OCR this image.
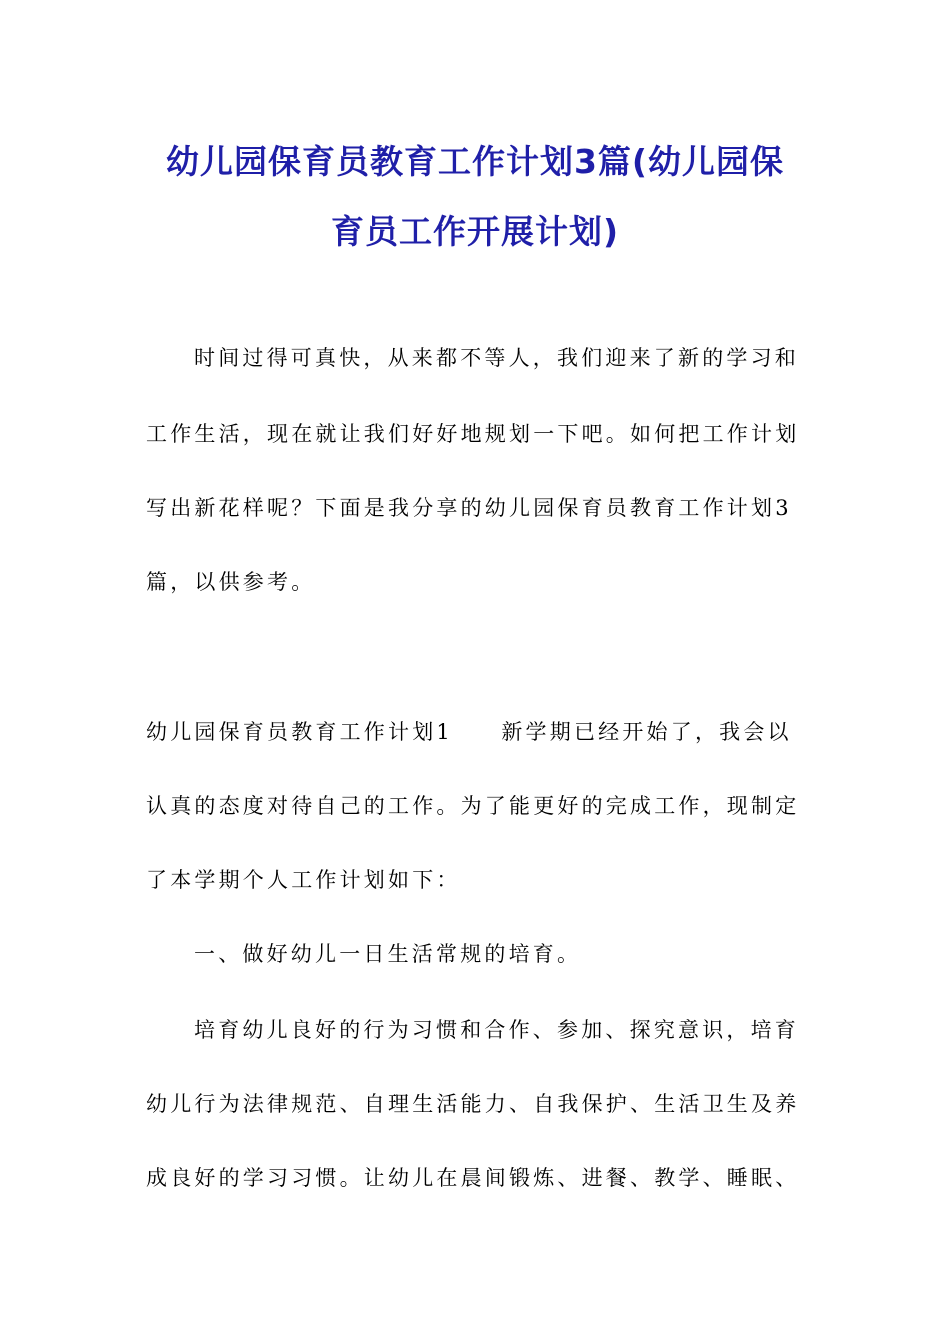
幼儿园保育员教育工作计划3篇(幼儿园保
育员工作开展计划)
时间过得可真快，从来都不等人，我们迎来了新的学习和
工作生活，现在就让我们好好地规划一下吧。如何把工作计划
写出新花样呢？下面是我分享的幼儿园保育员教育工作计划3
篇，以供参考。
幼儿园保育员教育工作计划1　　新学期已经开始了，我会以
认真的态度对待自己的工作。为了能更好的完成工作，现制定
了本学期个人工作计划如下：
一、做好幼儿一日生活常规的培育。
培育幼儿良好的行为习惯和合作、参加、探究意识，培育
幼儿行为法律规范、自理生活能力、自我保护、生活卫生及养
成良好的学习习惯。让幼儿在晨间锻炼、进餐、教学、睡眠、
